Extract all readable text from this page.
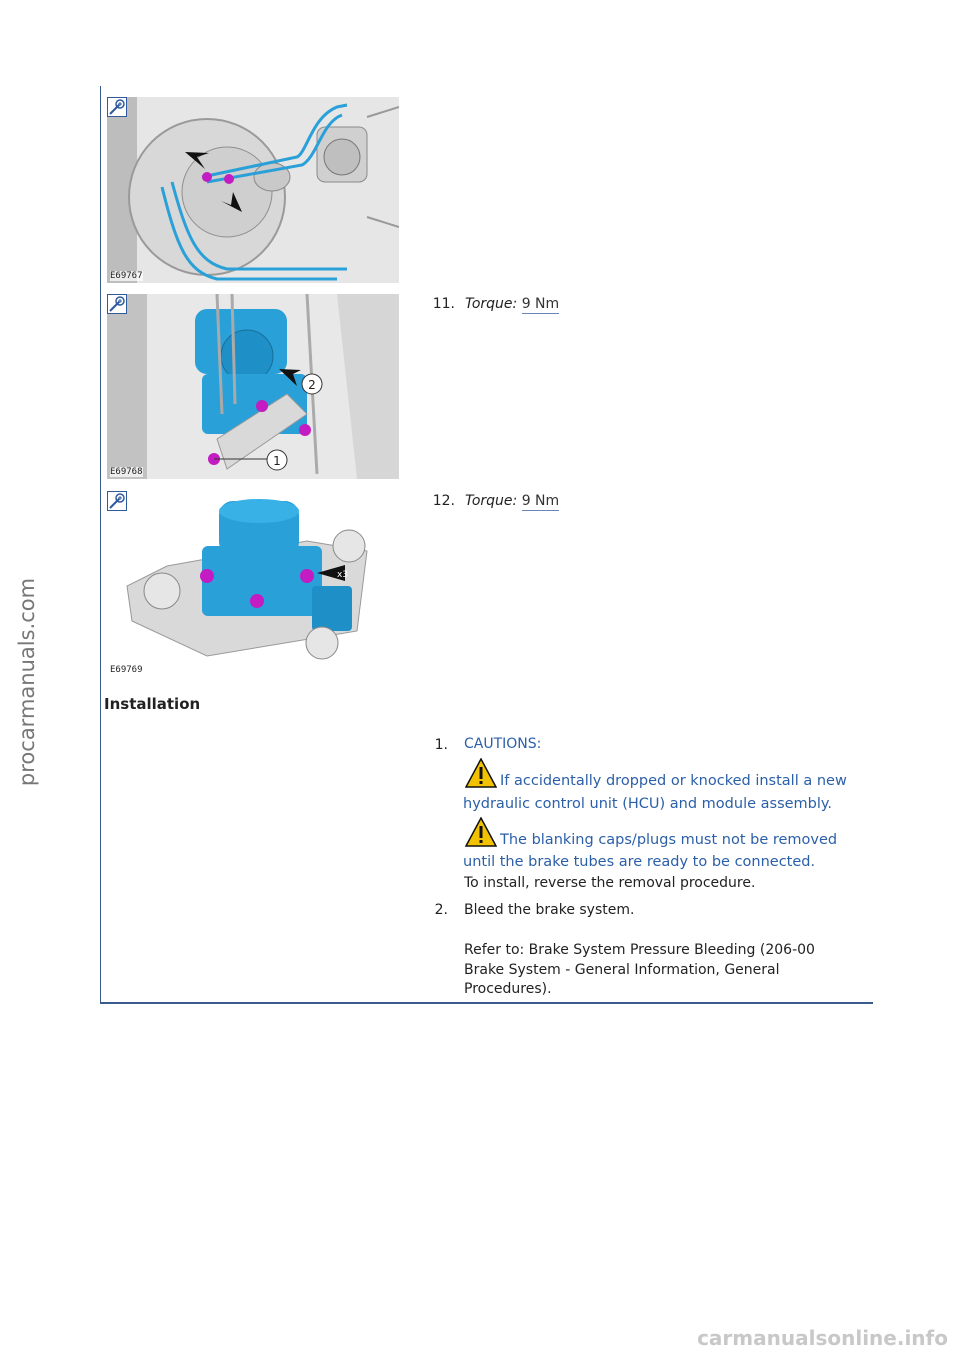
E69767
1
2
E69768
x3
E69769
11. Torque: 9 Nm
12. Torque: 9 Nm
Installation
1. CAUTIONS:
If accidentally dropped or knocked install a new
hydraulic control unit (HCU) and module assembly.
The blanking caps/plugs must not be removed
until the brake tubes are ready to be connected.
To install, reverse the removal procedure.
2. Bleed the brake system.
Refer to: Brake System Pressure Bleeding (206-00
Brake System - General Information, General
Procedures).
procarmanuals.com
carmanualsonline.info
